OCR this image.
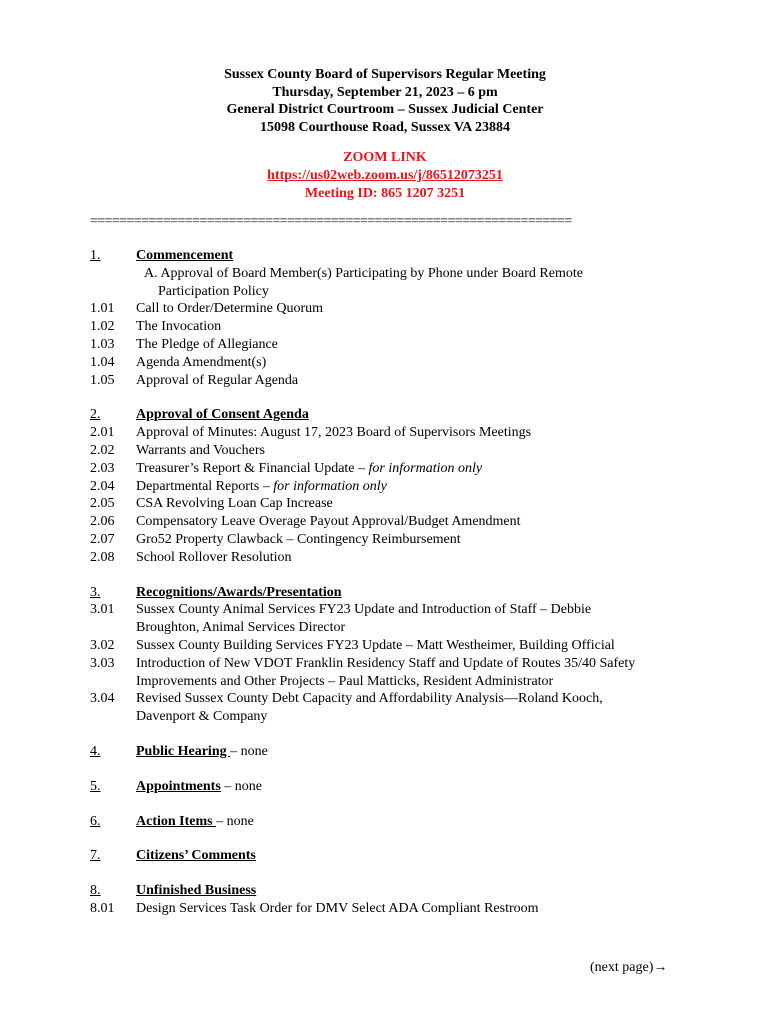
Sussex County Board of Supervisors Regular Meeting
Thursday, September 21, 2023 – 6 pm
General District Courtroom – Sussex Judicial Center
15098 Courthouse Road, Sussex VA 23884
ZOOM LINK
https://us02web.zoom.us/j/86512073251
Meeting ID: 865 1207 3251
==================================================================
1.	Commencement
A. Approval of Board Member(s) Participating by Phone under Board Remote
Participation Policy
1.01	Call to Order/Determine Quorum
1.02	The Invocation
1.03	The Pledge of Allegiance
1.04	Agenda Amendment(s)
1.05	Approval of Regular Agenda
2.	Approval of Consent Agenda
2.01	Approval of Minutes: August 17, 2023 Board of Supervisors Meetings
2.02	Warrants and Vouchers
2.03	Treasurer’s Report & Financial Update – for information only
2.04	Departmental Reports – for information only
2.05	CSA Revolving Loan Cap Increase
2.06	Compensatory Leave Overage Payout Approval/Budget Amendment
2.07	Gro52 Property Clawback – Contingency Reimbursement
2.08	School Rollover Resolution
3.	Recognitions/Awards/Presentation
3.01	Sussex County Animal Services FY23 Update and Introduction of Staff – Debbie
Broughton, Animal Services Director
3.02	Sussex County Building Services FY23 Update – Matt Westheimer, Building Official
3.03	Introduction of New VDOT Franklin Residency Staff and Update of Routes 35/40 Safety
Improvements and Other Projects – Paul Matticks, Resident Administrator
3.04	Revised Sussex County Debt Capacity and Affordability Analysis—Roland Kooch,
Davenport & Company
4.	Public Hearing – none
5.	Appointments – none
6.	Action Items – none
7.	Citizens’ Comments
8.	Unfinished Business
8.01	Design Services Task Order for DMV Select ADA Compliant Restroom
(next page)→
